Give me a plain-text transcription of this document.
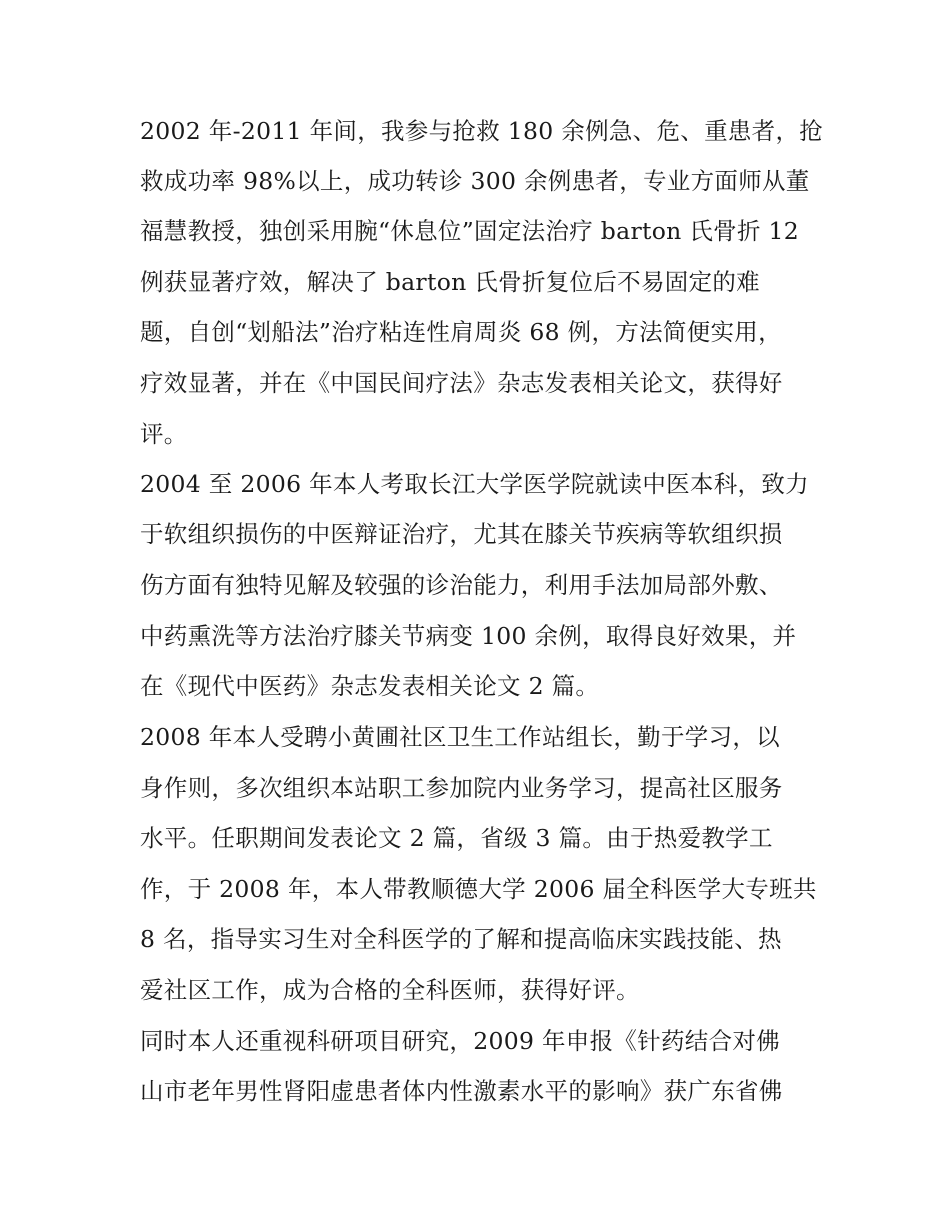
2002 年-2011 年间，我参与抢救 180 余例急、危、重患者，抢
救成功率 98%以上，成功转诊 300 余例患者，专业方面师从董
福慧教授，独创采用腕“休息位”固定法治疗 barton 氏骨折 12
例获显著疗效，解决了 barton 氏骨折复位后不易固定的难
题，自创“划船法”治疗粘连性肩周炎 68 例，方法简便实用，
疗效显著，并在《中国民间疗法》杂志发表相关论文，获得好
评。
2004 至 2006 年本人考取长江大学医学院就读中医本科，致力
于软组织损伤的中医辩证治疗，尤其在膝关节疾病等软组织损
伤方面有独特见解及较强的诊治能力，利用手法加局部外敷、
中药熏洗等方法治疗膝关节病变 100 余例，取得良好效果，并
在《现代中医药》杂志发表相关论文 2 篇。
2008 年本人受聘小黄圃社区卫生工作站组长，勤于学习，以
身作则，多次组织本站职工参加院内业务学习，提高社区服务
水平。任职期间发表论文 2 篇，省级 3 篇。由于热爱教学工
作，于 2008 年，本人带教顺德大学 2006 届全科医学大专班共
8 名，指导实习生对全科医学的了解和提高临床实践技能、热
爱社区工作，成为合格的全科医师，获得好评。
同时本人还重视科研项目研究，2009 年申报《针药结合对佛
山市老年男性肾阳虚患者体内性激素水平的影响》获广东省佛
